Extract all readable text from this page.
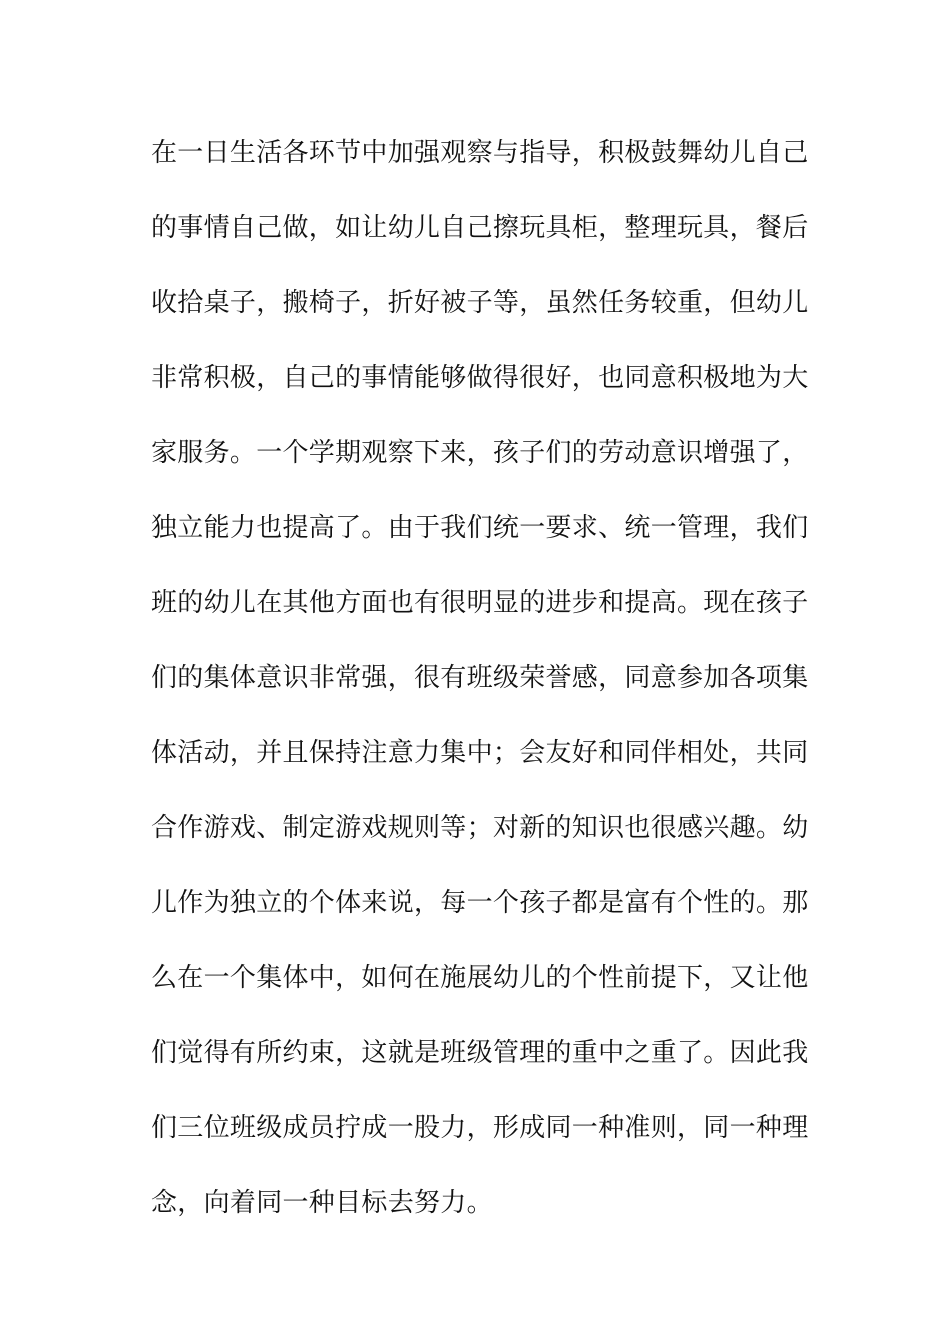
在一日生活各环节中加强观察与指导，积极鼓舞幼儿自己
的事情自己做，如让幼儿自己擦玩具柜，整理玩具，餐后
收拾桌子，搬椅子，折好被子等，虽然任务较重，但幼儿
非常积极，自己的事情能够做得很好，也同意积极地为大
家服务。一个学期观察下来，孩子们的劳动意识增强了，
独立能力也提高了。由于我们统一要求、统一管理，我们
班的幼儿在其他方面也有很明显的进步和提高。现在孩子
们的集体意识非常强，很有班级荣誉感，同意参加各项集
体活动，并且保持注意力集中；会友好和同伴相处，共同
合作游戏、制定游戏规则等；对新的知识也很感兴趣。幼
儿作为独立的个体来说，每一个孩子都是富有个性的。那
么在一个集体中，如何在施展幼儿的个性前提下，又让他
们觉得有所约束，这就是班级管理的重中之重了。因此我
们三位班级成员拧成一股力，形成同一种准则，同一种理
念，向着同一种目标去努力。
